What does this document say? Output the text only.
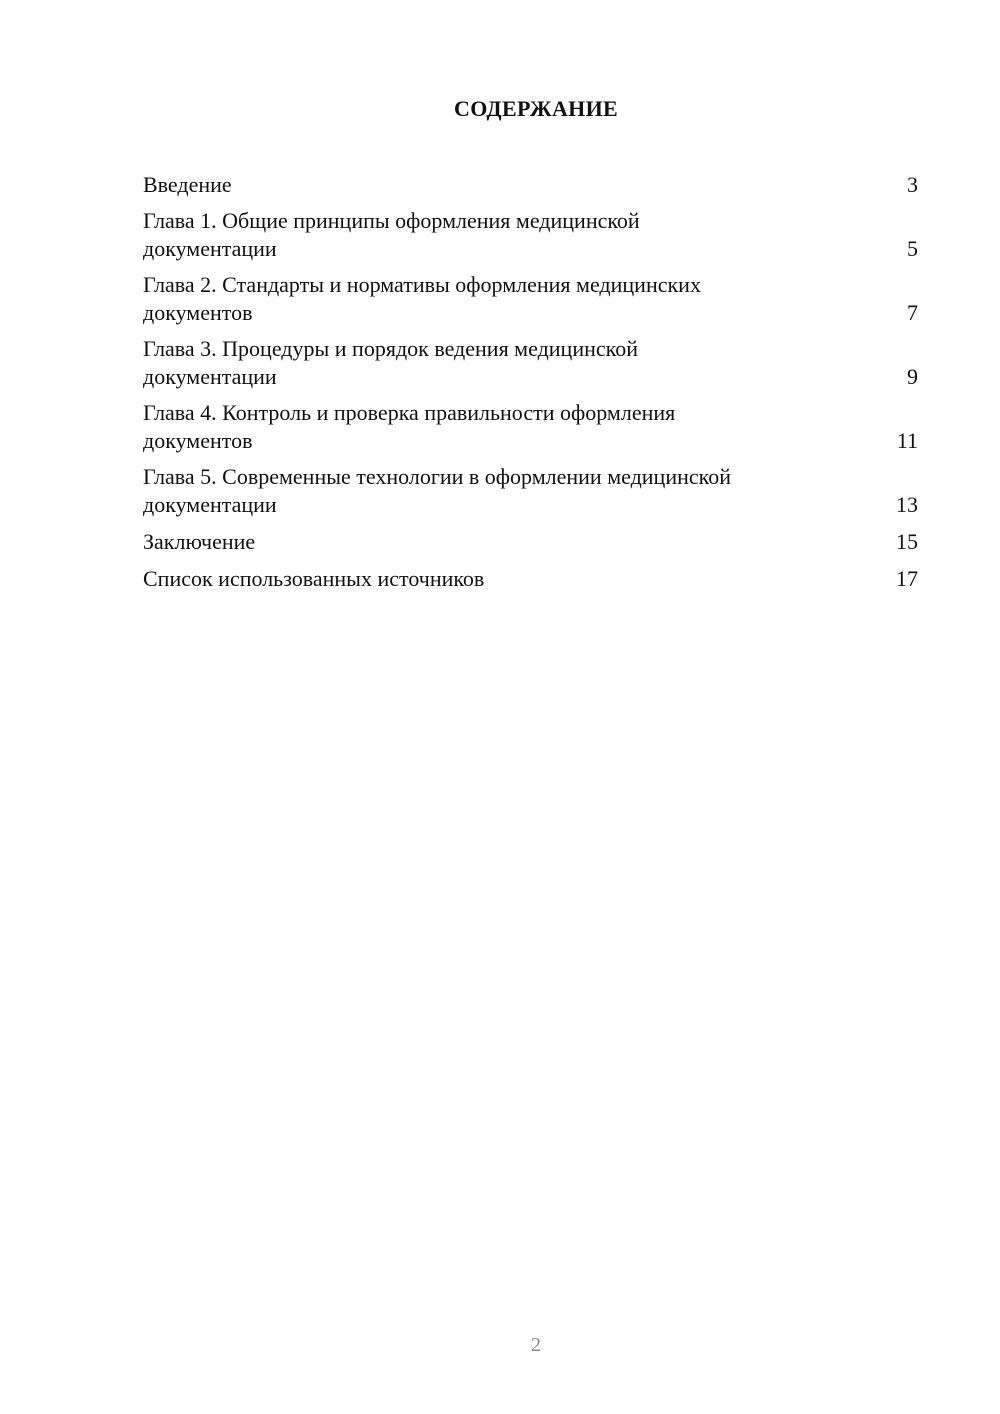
СОДЕРЖАНИЕ
Введение	3
Глава 1. Общие принципы оформления медицинской
документации	5
Глава 2. Стандарты и нормативы оформления медицинских
документов	7
Глава 3. Процедуры и порядок ведения медицинской
документации	9
Глава 4. Контроль и проверка правильности оформления
документов	11
Глава 5. Современные технологии в оформлении медицинской
документации	13
Заключение	15
Список использованных источников	17
2
